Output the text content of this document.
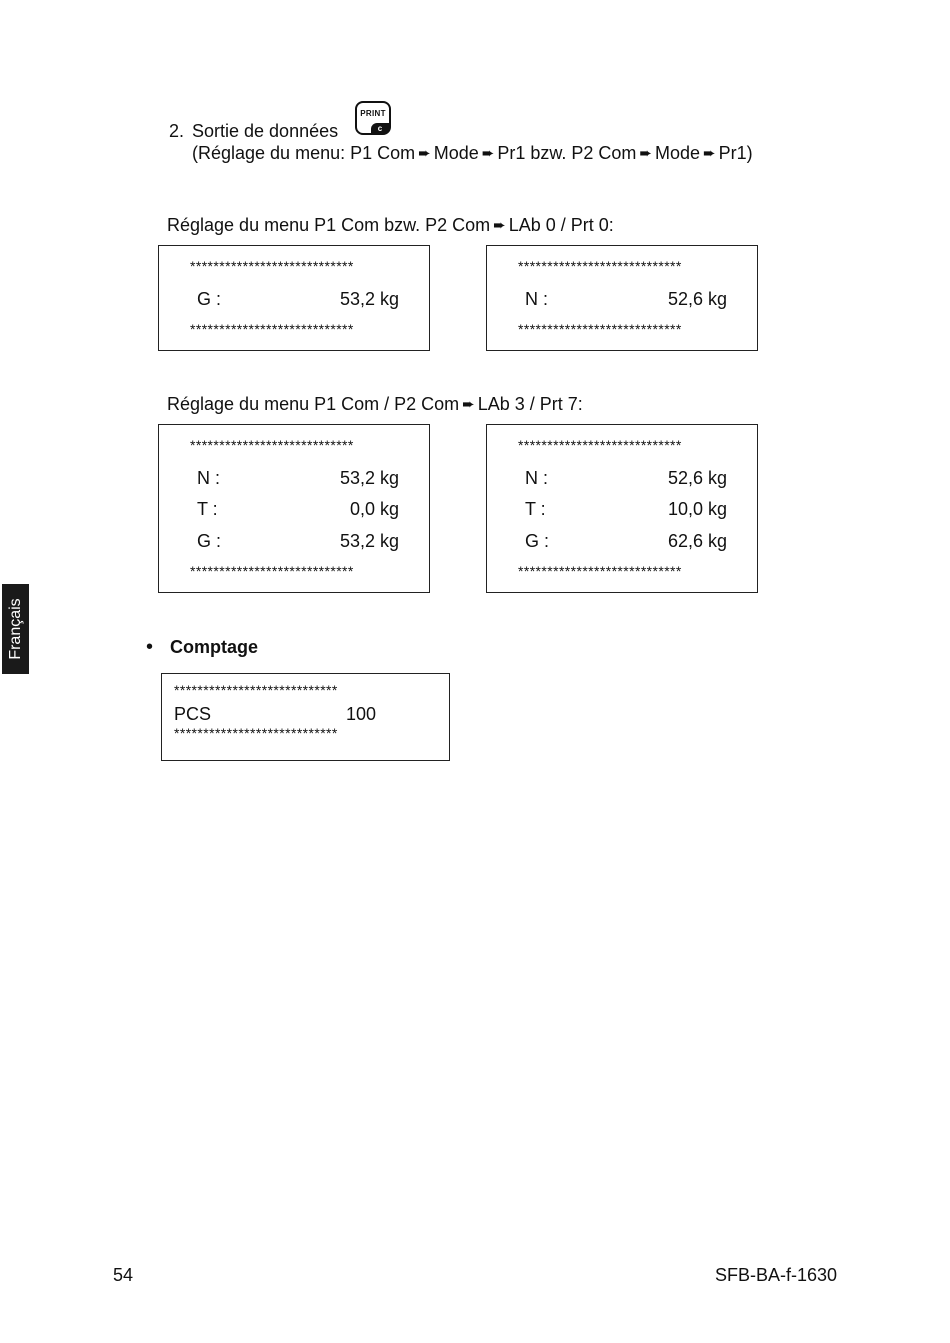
2. Sortie de données
PRINT
c
(Réglage du menu: P1 Com ➨ Mode ➨ Pr1 bzw. P2 Com ➨ Mode ➨ Pr1)
Réglage du menu P1 Com bzw. P2 Com ➨ LAb 0 / Prt 0:
****************************
G :	53,2 kg
****************************
****************************
N :	52,6 kg
****************************
Réglage du menu P1 Com / P2 Com ➨ LAb 3 / Prt 7:
****************************
N :	53,2 kg
T :	0,0 kg
G :	53,2 kg
****************************
****************************
N :	52,6 kg
T :	10,0 kg
G :	62,6 kg
****************************
Français	• Comptage
****************************
PCS	100
****************************
54	SFB-BA-f-1630
